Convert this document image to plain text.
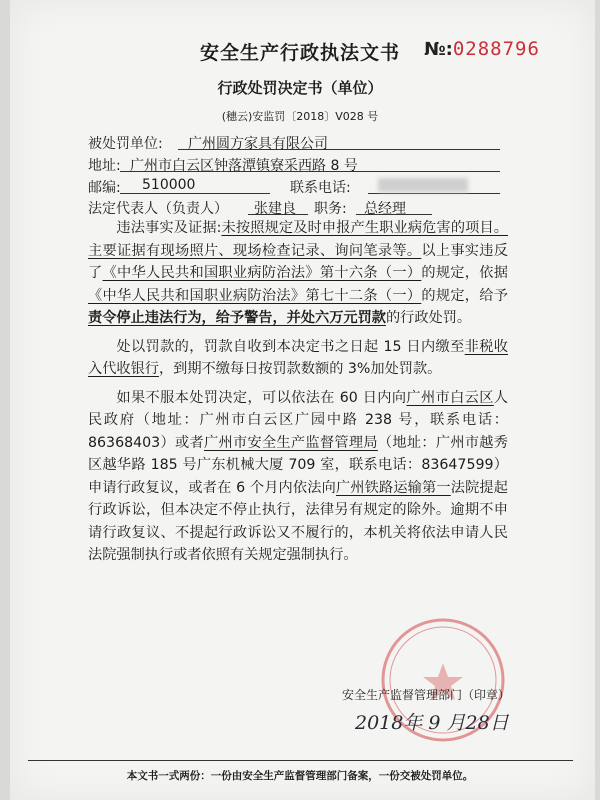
安全生产行政执法文书	№:0288796
行政处罚决定书（单位）
(穗云)安监罚〔2018〕V028 号
被处罚单位:	广州圆方家具有限公司
地址: 广州市白云区钟落潭镇寮采西路 8 号
邮编:	510000	联系电话:
法定代表人（负责人）	张建良	职务:	总经理

违法事实及证据:未按照规定及时申报产生职业病危害的项目。主要证据有现场照片、现场检查记录、询问笔录等。以上事实违反了《中华人民共和国职业病防治法》第十六条（一）的规定，依据《中华人民共和国职业病防治法》第七十二条（一）的规定，给予责令停止违法行为，给予警告，并处六万元罚款的行政处罚。

处以罚款的，罚款自收到本决定书之日起 15 日内缴至非税收入代收银行，到期不缴每日按罚款数额的 3%加处罚款。

如果不服本处罚决定，可以依法在 60 日内向广州市白云区人民政府（地址：广州市白云区广园中路 238 号，联系电话：86368403）或者广州市安全生产监督管理局（地址：广州市越秀区越华路 185 号广东机械大厦 709 室，联系电话：83647599）申请行政复议，或者在 6 个月内依法向广州铁路运输第一法院提起行政诉讼，但本决定不停止执行，法律另有规定的除外。逾期不申请行政复议、不提起行政诉讼又不履行的，本机关将依法申请人民法院强制执行或者依照有关规定强制执行。

安全生产监督管理部门（印章）
2018年 9 月28日
本文书一式两份：一份由安全生产监督管理部门备案，一份交被处罚单位。
